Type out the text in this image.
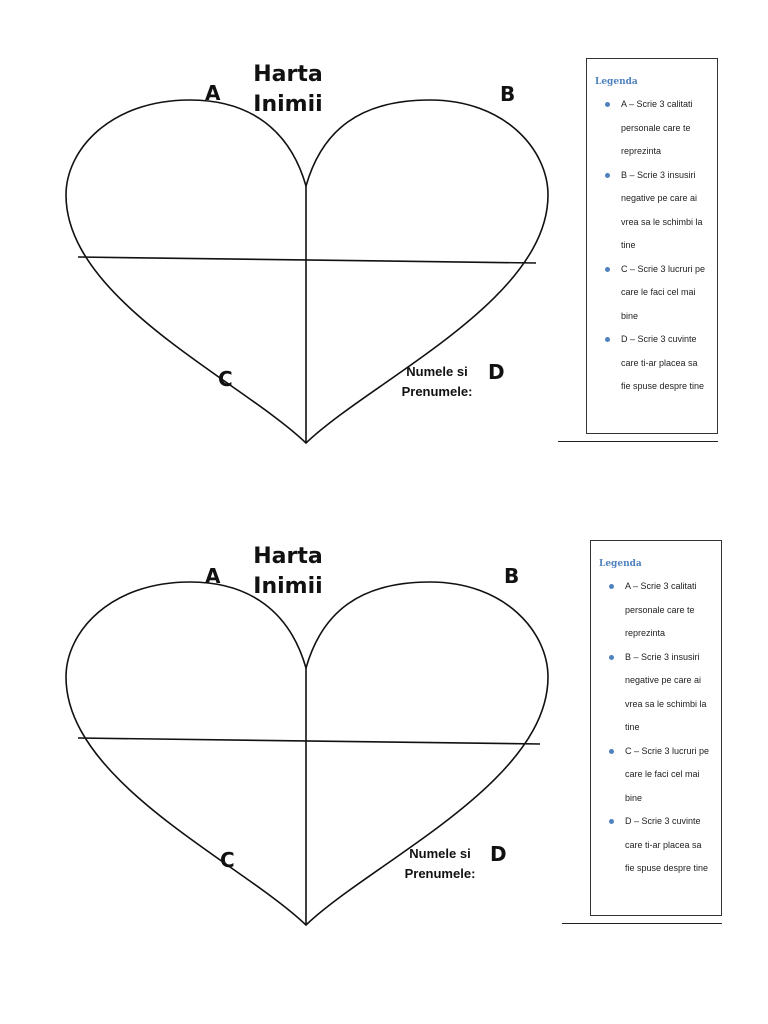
Harta
Inimii
A	B
C	D
Numele si
Prenumele:
Legenda
A – Scrie 3 calitati personale care te reprezinta
B – Scrie 3 insusiri negative pe care ai vrea sa le schimbi la tine
C – Scrie 3 lucruri pe care le faci cel mai bine
D – Scrie 3 cuvinte care ti-ar placea sa fie spuse despre tine
Harta
Inimii
A	B
C	D
Numele si
Prenumele:
Legenda
A – Scrie 3 calitati personale care te reprezinta
B – Scrie 3 insusiri negative pe care ai vrea sa le schimbi la tine
C – Scrie 3 lucruri pe care le faci cel mai bine
D – Scrie 3 cuvinte care ti-ar placea sa fie spuse despre tine
